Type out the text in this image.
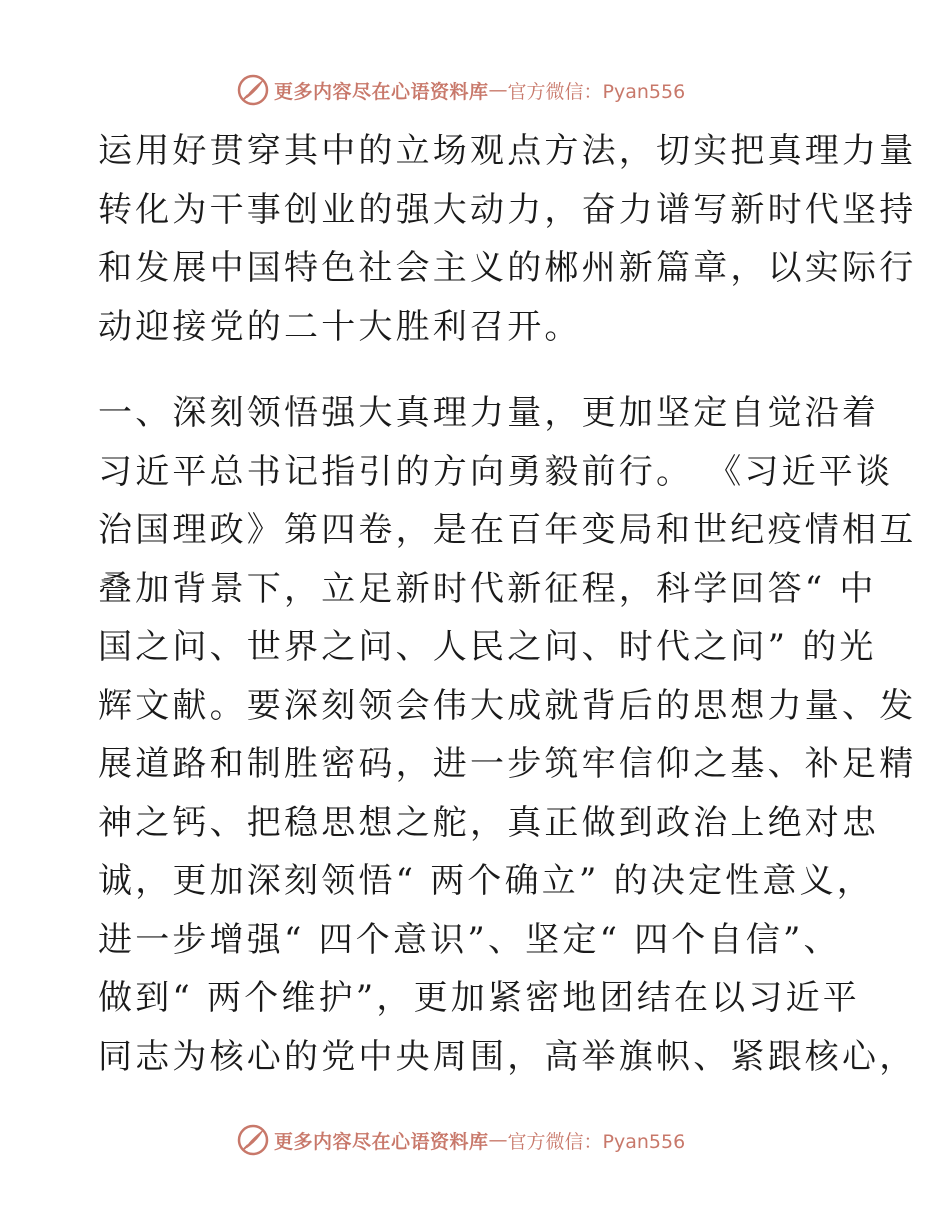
更多内容尽在心语资料库 — 官方微信：Pyan556
运用好贯穿其中的立场观点方法，切实把真理力量
转化为干事创业的强大动力，奋力谱写新时代坚持
和发展中国特色社会主义的郴州新篇章，以实际行
动迎接党的二十大胜利召开。
一、深刻领悟强大真理力量，更加坚定自觉沿着
习近平总书记指引的方向勇毅前行。 《习近平谈
治国理政》第四卷，是在百年变局和世纪疫情相互
叠加背景下，立足新时代新征程，科学回答“ 中
国之问、世界之问、人民之问、时代之问” 的光
辉文献。要深刻领会伟大成就背后的思想力量、发
展道路和制胜密码，进一步筑牢信仰之基、补足精
神之钙、把稳思想之舵，真正做到政治上绝对忠
诚，更加深刻领悟“ 两个确立” 的决定性意义，
进一步增强“ 四个意识”、坚定“ 四个自信”、
做到“ 两个维护”，更加紧密地团结在以习近平
同志为核心的党中央周围，高举旗帜、紧跟核心，
更多内容尽在心语资料库 — 官方微信：Pyan556
